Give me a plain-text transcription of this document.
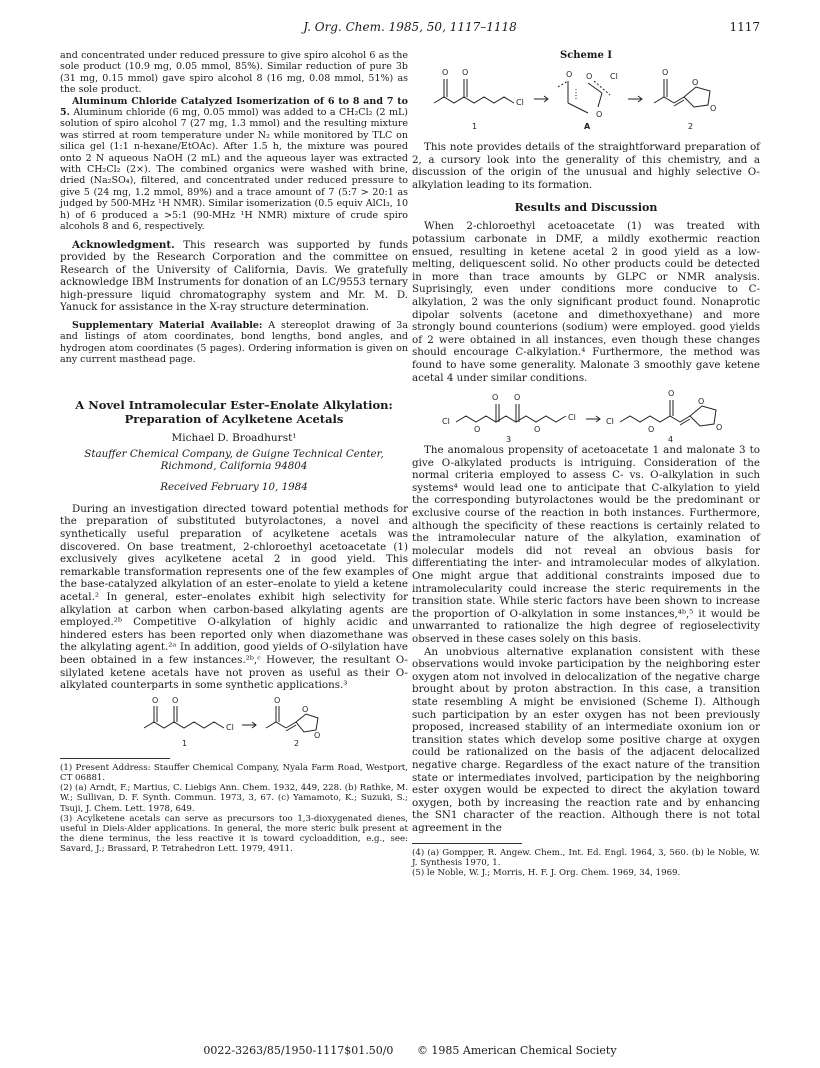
J. Org. Chem. 1985, 50, 1117–1118	1117

and concentrated under reduced pressure to give spiro alcohol 6 as the sole product (10.9 mg, 0.05 mmol, 85%). Similar reduction of pure 3b (31 mg, 0.15 mmol) gave spiro alcohol 8 (16 mg, 0.08 mmol, 51%) as the sole product.

Aluminum Chloride Catalyzed Isomerization of 6 to 8 and 7 to 5. Aluminum chloride (6 mg, 0.05 mmol) was added to a CH₂Cl₂ (2 mL) solution of spiro alcohol 7 (27 mg, 1.3 mmol) and the resulting mixture was stirred at room temperature under N₂ while monitored by TLC on silica gel (1:1 n-hexane/EtOAc). After 1.5 h, the mixture was poured onto 2 N aqueous NaOH (2 mL) and the aqueous layer was extracted with CH₂Cl₂ (2×). The combined organics were washed with brine, dried (Na₂SO₄), filtered, and concentrated under reduced pressure to give 5 (24 mg, 1.2 mmol, 89%) and a trace amount of 7 (5:7 > 20:1 as judged by 500-MHz ¹H NMR). Similar isomerization (0.5 equiv AlCl₃, 10 h) of 6 produced a >5:1 (90-MHz ¹H NMR) mixture of crude spiro alcohols 8 and 6, respectively.

Acknowledgment. This research was supported by funds provided by the Research Corporation and the committee on Research of the University of California, Davis. We gratefully acknowledge IBM Instruments for donation of an LC/9553 ternary high-pressure liquid chromatography system and Mr. M. D. Yanuck for assistance in the X-ray structure determination.

Supplementary Material Available: A stereoplot drawing of 3a and listings of atom coordinates, bond lengths, bond angles, and hydrogen atom coordinates (5 pages). Ordering information is given on any current masthead page.

A Novel Intramolecular Ester–Enolate Alkylation: Preparation of Acylketene Acetals
Michael D. Broadhurst¹
Stauffer Chemical Company, de Guigne Technical Center, Richmond, California 94804
Received February 10, 1984

During an investigation directed toward potential methods for the preparation of substituted butyrolactones, a novel and synthetically useful preparation of acylketene acetals was discovered. On base treatment, 2-chloroethyl acetoacetate (1) exclusively gives acylketene acetal 2 in good yield. This remarkable transformation represents one of the few examples of the base-catalyzed alkylation of an ester–enolate to yield a ketene acetal.² In general, ester–enolates exhibit high selectivity for alkylation at carbon when carbon-based alkylating agents are employed.²ᵇ Competitive O-alkylation of highly acidic and hindered esters has been reported only when diazomethane was the alkylating agent.²ᵃ In addition, good yields of O-silylation have been obtained in a few instances.²ᵇ,ᶜ However, the resultant O-silylated ketene acetals have not proven as useful as their O-alkylated counterparts in some synthetic applications.³

O O
Cl
O
O
O
1	2

(1) Present Address: Stauffer Chemical Company, Nyala Farm Road, Westport, CT 06881.

(2) (a) Arndt, F.; Martius, C. Liebigs Ann. Chem. 1932, 449, 228. (b) Rathke, M. W.; Sullivan, D. F. Synth. Commun. 1973, 3, 67. (c) Yamamoto, K.; Suzuki, S.; Tsuji, J. Chem. Lett. 1978, 649.

(3) Acylketene acetals can serve as precursors too 1,3-dioxygenated dienes, useful in Diels-Alder applications. In general, the more steric bulk present at the diene terminus, the less reactive it is toward cycloaddition, e.g., see: Savard, J.; Brassard, P. Tetrahedron Lett. 1979, 4911.

Scheme I
O O
Cl
O O Cl
O
O
O
O
1	A	2

This note provides details of the straightforward preparation of 2, a cursory look into the generality of this chemistry, and a discussion of the origin of the unusual and highly selective O-alkylation leading to its formation.

Results and Discussion

When 2-chloroethyl acetoacetate (1) was treated with potassium carbonate in DMF, a mildly exothermic reaction ensued, resulting in ketene acetal 2 in good yield as a low-melting, deliquescent solid. No other products could be detected in more than trace amounts by GLPC or NMR analysis. Suprisingly, even under conditions more conducive to C-alkylation, 2 was the only significant product found. Nonaprotic dipolar solvents (acetone and dimethoxyethane) and more strongly bound counterions (sodium) were employed. good yields of 2 were obtained in all instances, even though these changes should encourage C-alkylation.⁴ Furthermore, the method was found to have some generality. Malonate 3 smoothly gave ketene acetal 4 under similar conditions.

Cl
O O
O	O
Cl	Cl
O
O
O
O
3	4

The anomalous propensity of acetoacetate 1 and malonate 3 to give O-alkylated products is intriguing. Consideration of the normal criteria employed to assess C- vs. O-alkylation in such systems⁴ would lead one to anticipate that C-alkylation to yield the corresponding butyrolactones would be the predominant or exclusive course of the reaction in both instances. Furthermore, although the specificity of these reactions is certainly related to the intramolecular nature of the alkylation, examination of molecular models did not reveal an obvious basis for differentiating the inter- and intramolecular modes of alkylation. One might argue that additional constraints imposed due to intramolecularity could increase the steric requirements in the transition state. While steric factors have been shown to increase the proportion of O-alkylation in some instances,⁴ᵇ,⁵ it would be unwarranted to rationalize the high degree of regioselectivity observed in these cases solely on this basis.

An unobvious alternative explanation consistent with these observations would invoke participation by the neighboring ester oxygen atom not involved in delocalization of the negative charge brought about by proton abstraction. In this case, a transition state resembling A might be envisioned (Scheme I). Although such participation by an ester oxygen has not been previously proposed, increased stability of an intermediate oxonium ion or transition states which develop some positive charge at oxygen could be rationalized on the basis of the adjacent delocalized negative charge. Regardless of the exact nature of the transition state or intermediates involved, participation by the neighboring ester oxygen would be expected to direct the akylation toward oxygen, both by increasing the reaction rate and by enhancing the SN1 character of the reaction. Although there is not total agreement in the

(4) (a) Gompper, R. Angew. Chem., Int. Ed. Engl. 1964, 3, 560. (b) le Noble, W. J. Synthesis 1970, 1.

(5) le Noble, W. J.; Morris, H. F. J. Org. Chem. 1969, 34, 1969.

0022-3263/85/1950-1117$01.50/0 © 1985 American Chemical Society
